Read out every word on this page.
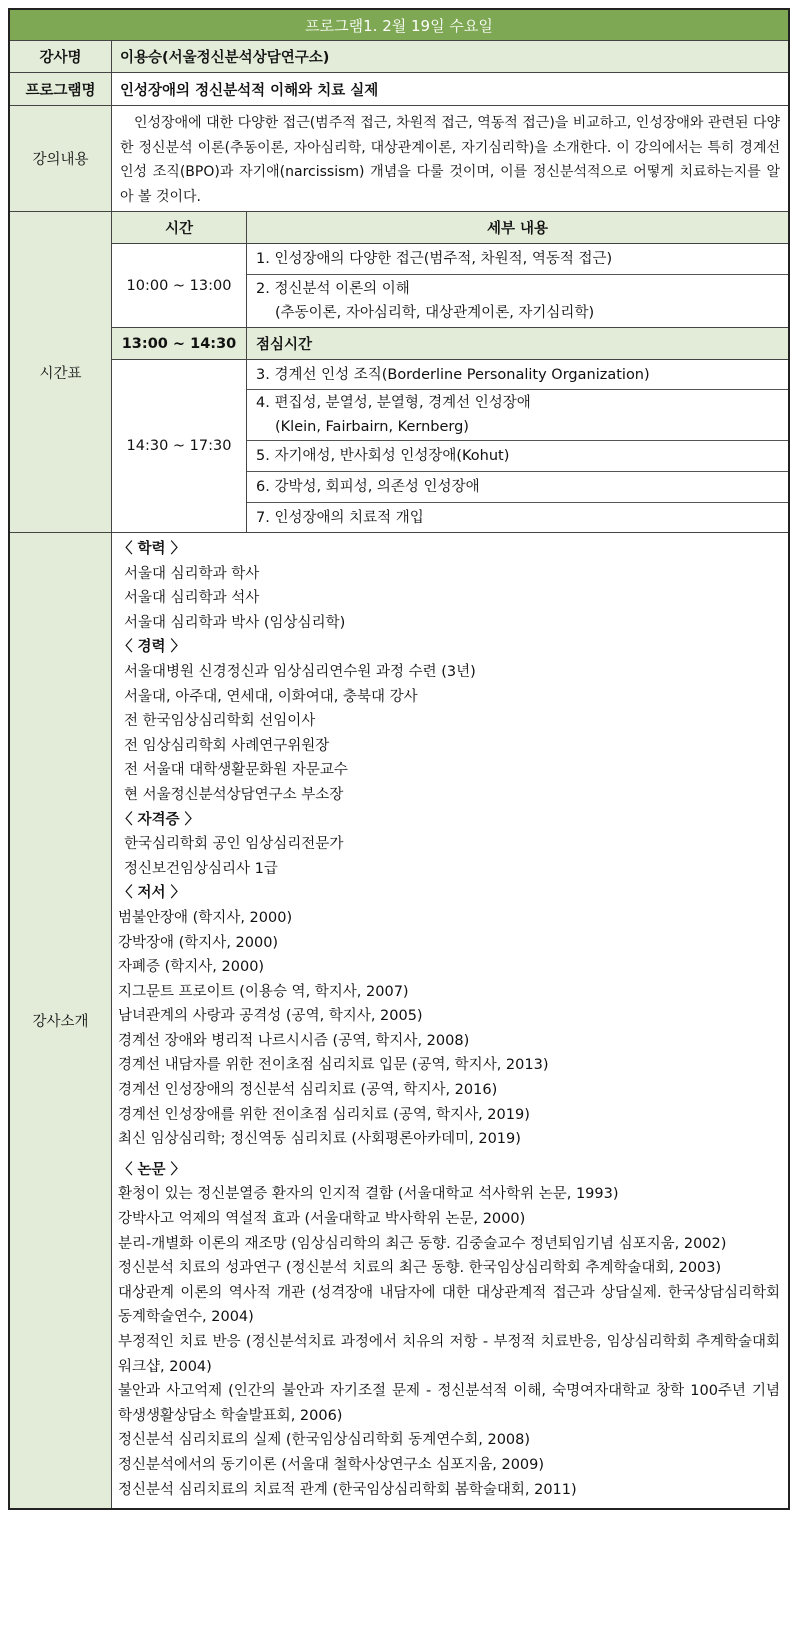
프로그램1. 2월 19일 수요일
강사명	이용승(서울정신분석상담연구소)
프로그램명	인성장애의 정신분석적 이해와 치료 실제
강의내용

인성장애에 대한 다양한 접근(범주적 접근, 차원적 접근, 역동적 접근)을 비교하고, 인성장애와 관련된 다양한 정신분석 이론(추동이론, 자아심리학, 대상관계이론, 자기심리학)을 소개한다. 이 강의에서는 특히 경계선 인성 조직(BPO)과 자기애(narcissism) 개념을 다룰 것이며, 이를 정신분석적으로 어떻게 치료하는지를 알아 볼 것이다.

시간표
시간	세부 내용
10:00 ~ 13:00
1. 인성장애의 다양한 접근(범주적, 차원적, 역동적 접근)
2. 정신분석 이론의 이해
(추동이론, 자아심리학, 대상관계이론, 자기심리학)
13:00 ~ 14:30	점심시간
14:30 ~ 17:30
3. 경계선 인성 조직(Borderline Personality Organization)
4. 편집성, 분열성, 분열형, 경계선 인성장애
(Klein, Fairbairn, Kernberg)
5. 자기애성, 반사회성 인성장애(Kohut)
6. 강박성, 회피성, 의존성 인성장애
7. 인성장애의 치료적 개입
강사소개
〈 학력 〉
서울대 심리학과 학사
서울대 심리학과 석사
서울대 심리학과 박사 (임상심리학)
〈 경력 〉
서울대병원 신경정신과 임상심리연수원 과정 수련 (3년)
서울대, 아주대, 연세대, 이화여대, 충북대 강사
전 한국임상심리학회 선임이사
전 임상심리학회 사례연구위원장
전 서울대 대학생활문화원 자문교수
현 서울정신분석상담연구소 부소장
〈 자격증 〉
한국심리학회 공인 임상심리전문가
정신보건임상심리사 1급
〈 저서 〉
범불안장애 (학지사, 2000)
강박장애 (학지사, 2000)
자폐증 (학지사, 2000)
지그문트 프로이트 (이용승 역, 학지사, 2007)
남녀관계의 사랑과 공격성 (공역, 학지사, 2005)
경계선 장애와 병리적 나르시시즘 (공역, 학지사, 2008)
경계선 내담자를 위한 전이초점 심리치료 입문 (공역, 학지사, 2013)
경계선 인성장애의 정신분석 심리치료 (공역, 학지사, 2016)
경계선 인성장애를 위한 전이초점 심리치료 (공역, 학지사, 2019)
최신 임상심리학; 정신역동 심리치료 (사회평론아카데미, 2019)
〈 논문 〉
환청이 있는 정신분열증 환자의 인지적 결함 (서울대학교 석사학위 논문, 1993)
강박사고 억제의 역설적 효과 (서울대학교 박사학위 논문, 2000)
분리-개별화 이론의 재조망 (임상심리학의 최근 동향. 김중술교수 정년퇴임기념 심포지움, 2002)
정신분석 치료의 성과연구 (정신분석 치료의 최근 동향. 한국임상심리학회 추계학술대회, 2003)
대상관계 이론의 역사적 개관 (성격장애 내담자에 대한 대상관계적 접근과 상담실제. 한국상담심리학회 동계학술연수, 2004)
부정적인 치료 반응 (정신분석치료 과정에서 치유의 저항 - 부정적 치료반응, 임상심리학회 추계학술대회 워크샵, 2004)
불안과 사고억제 (인간의 불안과 자기조절 문제 - 정신분석적 이해, 숙명여자대학교 창학 100주년 기념 학생생활상담소 학술발표회, 2006)
정신분석 심리치료의 실제 (한국임상심리학회 동계연수회, 2008)
정신분석에서의 동기이론 (서울대 철학사상연구소 심포지움, 2009)
정신분석 심리치료의 치료적 관계 (한국임상심리학회 봄학술대회, 2011)
